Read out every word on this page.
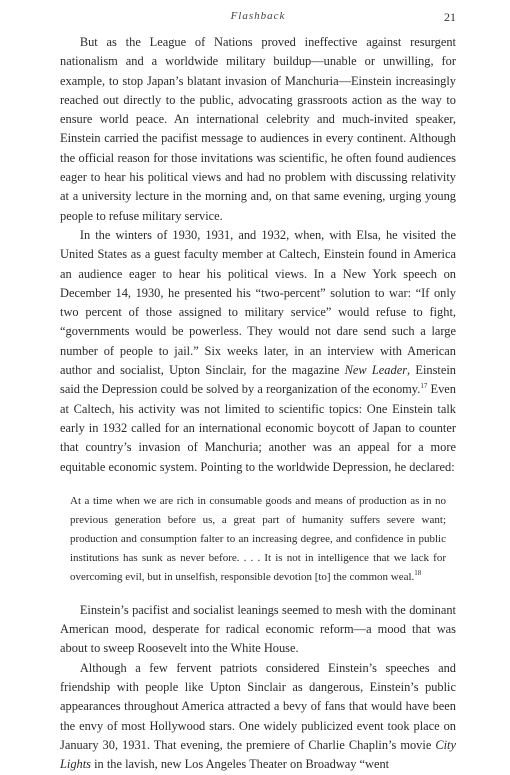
Flashback	21

But as the League of Nations proved ineffective against resurgent nationalism and a worldwide military buildup—unable or unwilling, for example, to stop Japan’s blatant invasion of Manchuria—Einstein increasingly reached out directly to the public, advocating grassroots action as the way to ensure world peace. An international celebrity and much-invited speaker, Einstein carried the pacifist message to audiences in every continent. Although the official reason for those invitations was scientific, he often found audiences eager to hear his political views and had no problem with discussing relativity at a university lecture in the morning and, on that same evening, urging young people to refuse military service.

In the winters of 1930, 1931, and 1932, when, with Elsa, he visited the United States as a guest faculty member at Caltech, Einstein found in America an audience eager to hear his political views. In a New York speech on December 14, 1930, he presented his “two-percent” solution to war: “If only two percent of those assigned to military service” would refuse to fight, “governments would be powerless. They would not dare send such a large number of people to jail.” Six weeks later, in an interview with American author and socialist, Upton Sinclair, for the magazine New Leader, Einstein said the Depression could be solved by a reorganization of the economy.$^{17}$ Even at Caltech, his activity was not limited to scientific topics: One Einstein talk early in 1932 called for an international economic boycott of Japan to counter that country’s invasion of Manchuria; another was an appeal for a more equitable economic system. Pointing to the worldwide Depression, he declared:

At a time when we are rich in consumable goods and means of production as in no previous generation before us, a great part of humanity suffers severe want; production and consumption falter to an increasing degree, and confidence in public institutions has sunk as never before. . . . It is not in intelligence that we lack for overcoming evil, but in unselfish, responsible devotion [to] the common weal.$^{18}$

Einstein’s pacifist and socialist leanings seemed to mesh with the dominant American mood, desperate for radical economic reform—a mood that was about to sweep Roosevelt into the White House.

Although a few fervent patriots considered Einstein’s speeches and friendship with people like Upton Sinclair as dangerous, Einstein’s public appearances throughout America attracted a bevy of fans that would have been the envy of most Hollywood stars. One widely publicized event took place on January 30, 1931. That evening, the premiere of Charlie Chaplin’s movie City Lights in the lavish, new Los Angeles Theater on Broadway “went
